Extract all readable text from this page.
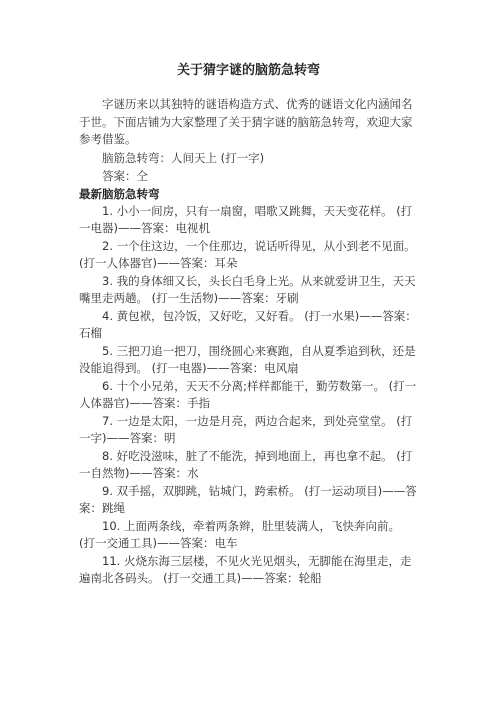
关于猜字谜的脑筋急转弯

字谜历来以其独特的谜语构造方式、优秀的谜语文化内涵闻名于世。下面店铺为大家整理了关于猜字谜的脑筋急转弯，欢迎大家参考借鉴。

脑筋急转弯：人间天上 (打一字)

答案：仝

最新脑筋急转弯

1. 小小一间房，只有一扇窗，唱歌又跳舞，天天变花样。 (打一电器)——答案：电视机

2. 一个住这边，一个住那边，说话听得见，从小到老不见面。 (打一人体器官)——答案：耳朵

3. 我的身体细又长，头长白毛身上光。从来就爱讲卫生，天天嘴里走两趟。 (打一生活物)——答案：牙刷

4. 黄包袱，包冷饭，又好吃，又好看。 (打一水果)——答案：石榴

5. 三把刀追一把刀，围绕圆心来赛跑，自从夏季追到秋，还是没能追得到。 (打一电器)——答案：电风扇

6. 十个小兄弟，天天不分离;样样都能干，勤劳数第一。 (打一人体器官)——答案：手指

7. 一边是太阳，一边是月亮，两边合起来，到处亮堂堂。 (打一字)——答案：明

8. 好吃没滋味，脏了不能洗，掉到地面上，再也拿不起。 (打一自然物)——答案：水

9. 双手摇，双脚跳，钻城门，跨索桥。 (打一运动项目)——答案：跳绳

10. 上面两条线，牵着两条辫，肚里装满人，飞快奔向前。 (打一交通工具)——答案：电车

11. 火烧东海三层楼，不见火光见烟头，无脚能在海里走，走遍南北各码头。 (打一交通工具)——答案：轮船
